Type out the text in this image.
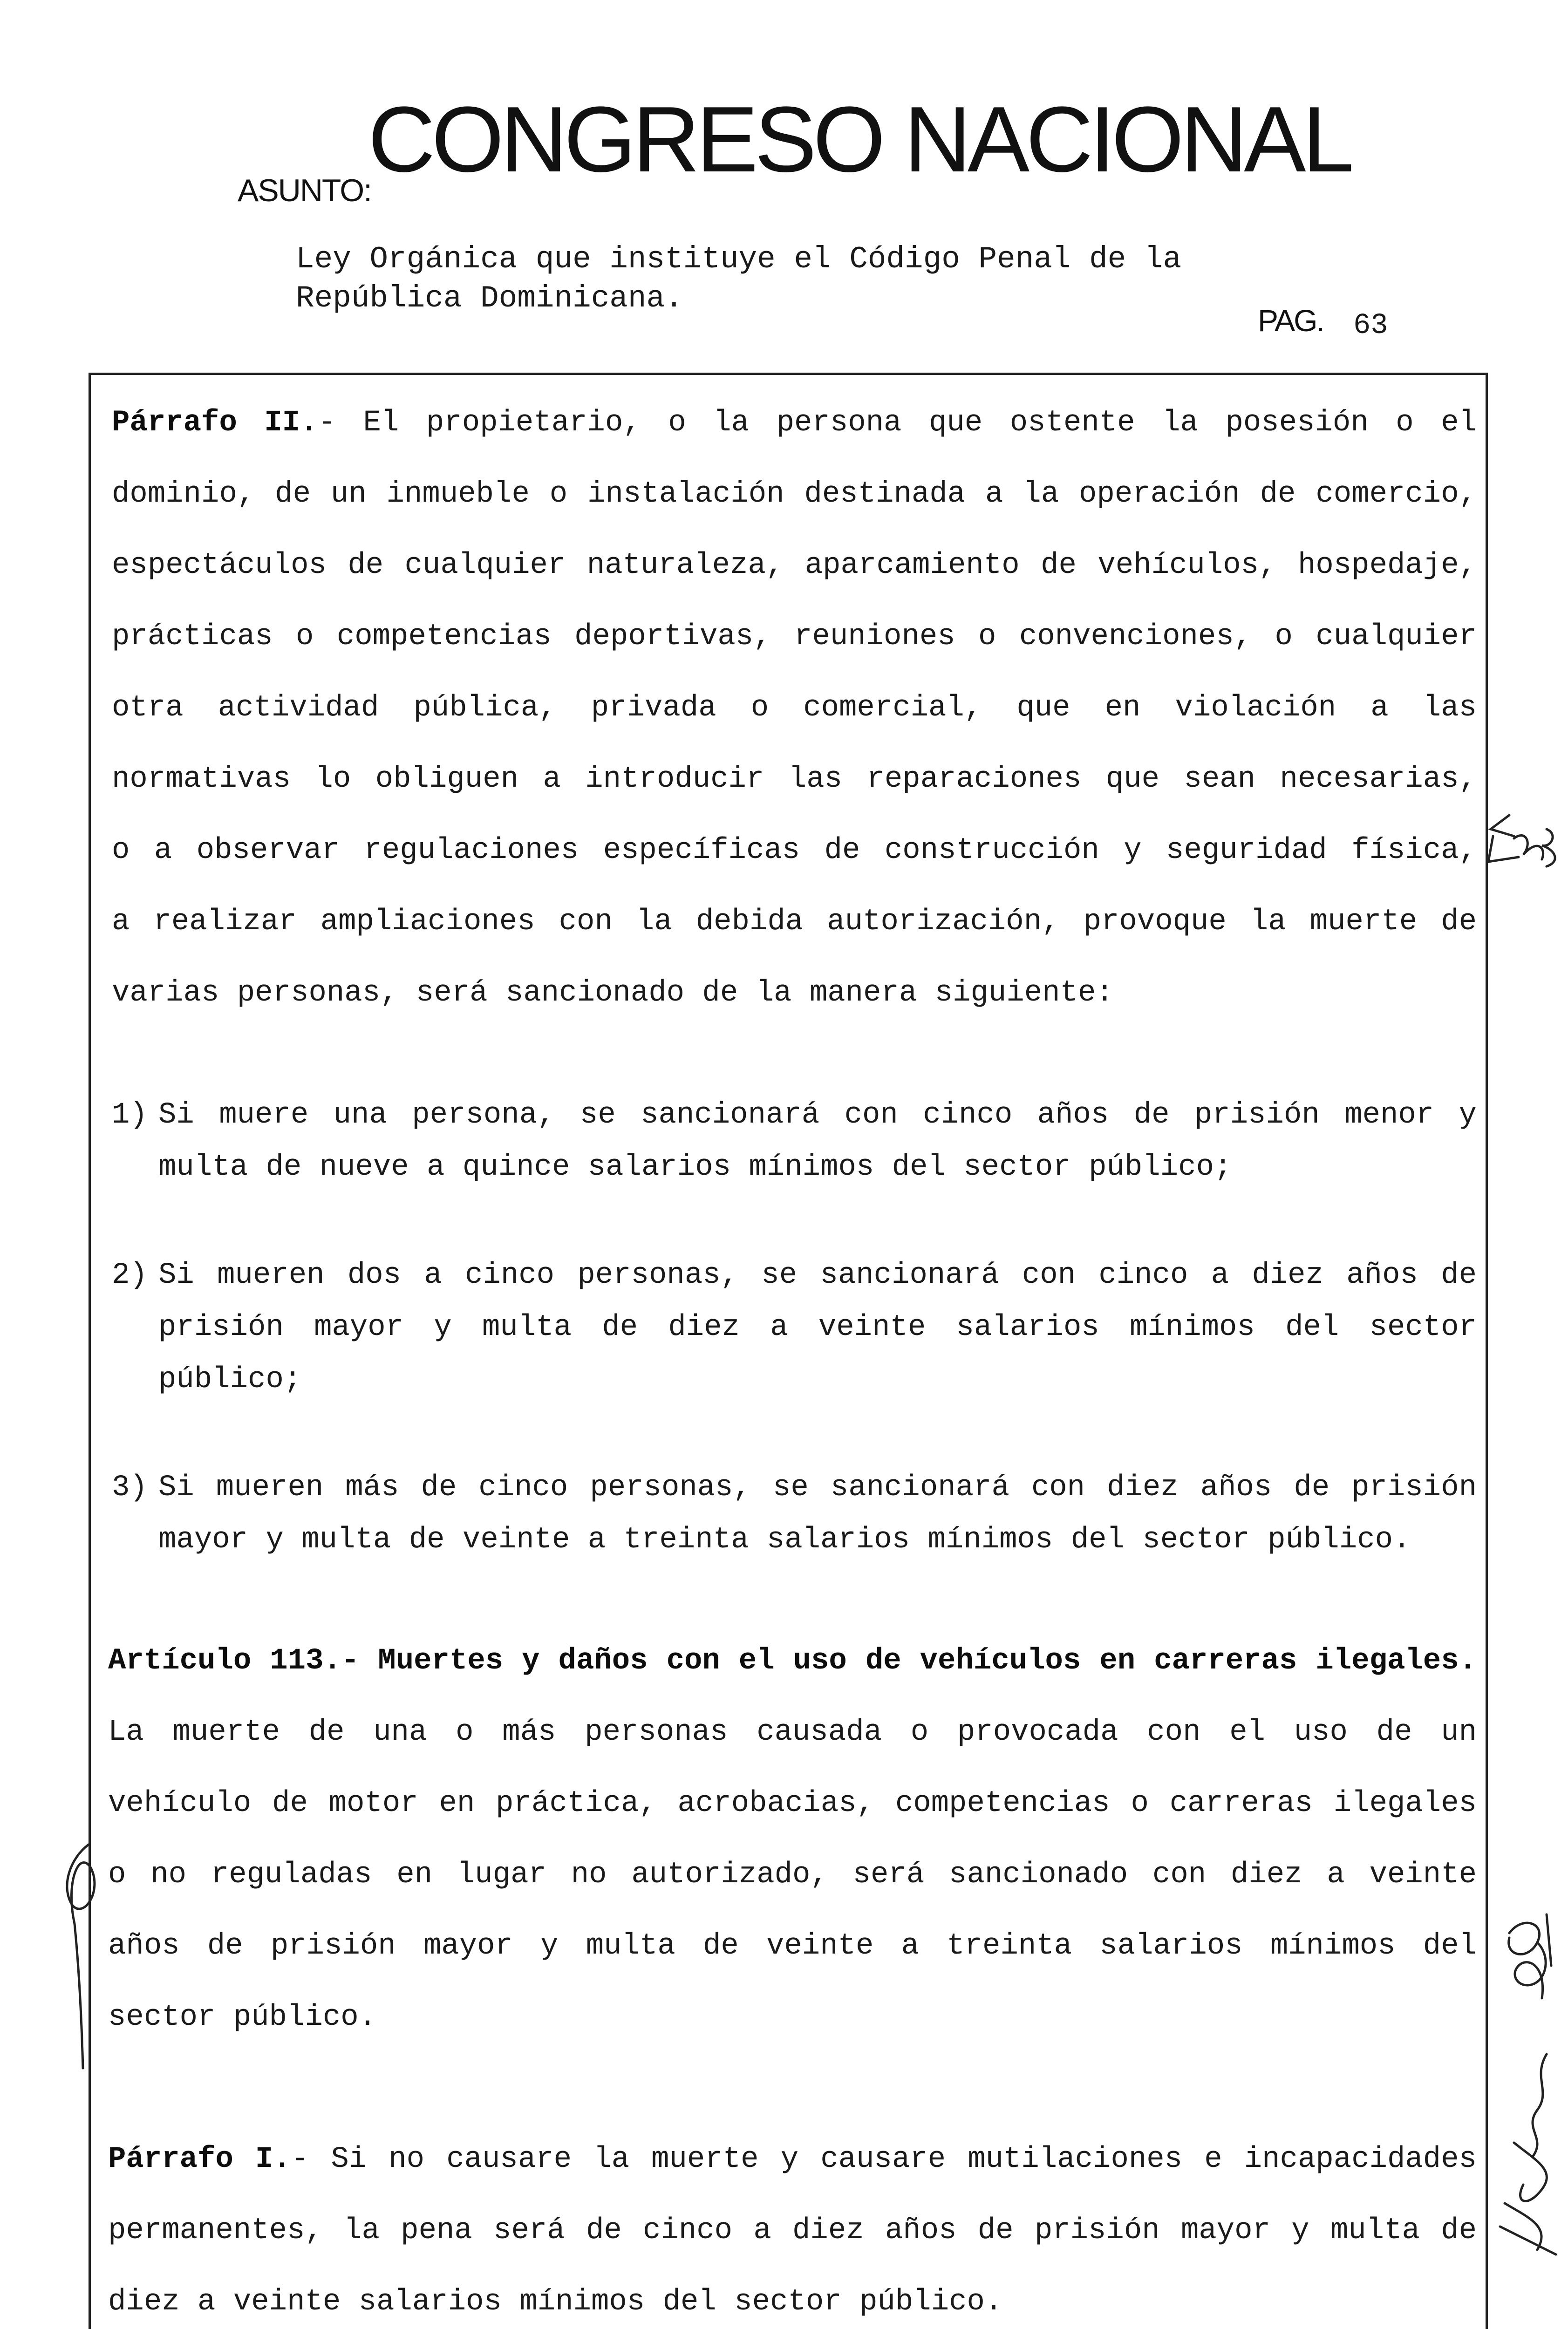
CONGRESO NACIONAL
ASUNTO:
Ley Orgánica que instituye el Código Penal de la
República Dominicana.
PAG. 63
Párrafo II.- El propietario, o la persona que ostente la posesión o el
dominio, de un inmueble o instalación destinada a la operación de comercio,
espectáculos de cualquier naturaleza, aparcamiento de vehículos, hospedaje,
prácticas o competencias deportivas, reuniones o convenciones, o cualquier
otra actividad pública, privada o comercial, que en violación a las
normativas lo obliguen a introducir las reparaciones que sean necesarias,
o a observar regulaciones específicas de construcción y seguridad física,
a realizar ampliaciones con la debida autorización, provoque la muerte de
varias personas, será sancionado de la manera siguiente:
1) Si muere una persona, se sancionará con cinco años de prisión menor y
multa de nueve a quince salarios mínimos del sector público;
2) Si mueren dos a cinco personas, se sancionará con cinco a diez años de
prisión mayor y multa de diez a veinte salarios mínimos del sector
público;
3) Si mueren más de cinco personas, se sancionará con diez años de prisión
mayor y multa de veinte a treinta salarios mínimos del sector público.
Artículo 113.- Muertes y daños con el uso de vehículos en carreras ilegales.
La muerte de una o más personas causada o provocada con el uso de un
vehículo de motor en práctica, acrobacias, competencias o carreras ilegales
o no reguladas en lugar no autorizado, será sancionado con diez a veinte
años de prisión mayor y multa de veinte a treinta salarios mínimos del
sector público.
Párrafo I.- Si no causare la muerte y causare mutilaciones e incapacidades
permanentes, la pena será de cinco a diez años de prisión mayor y multa de
diez a veinte salarios mínimos del sector público.
